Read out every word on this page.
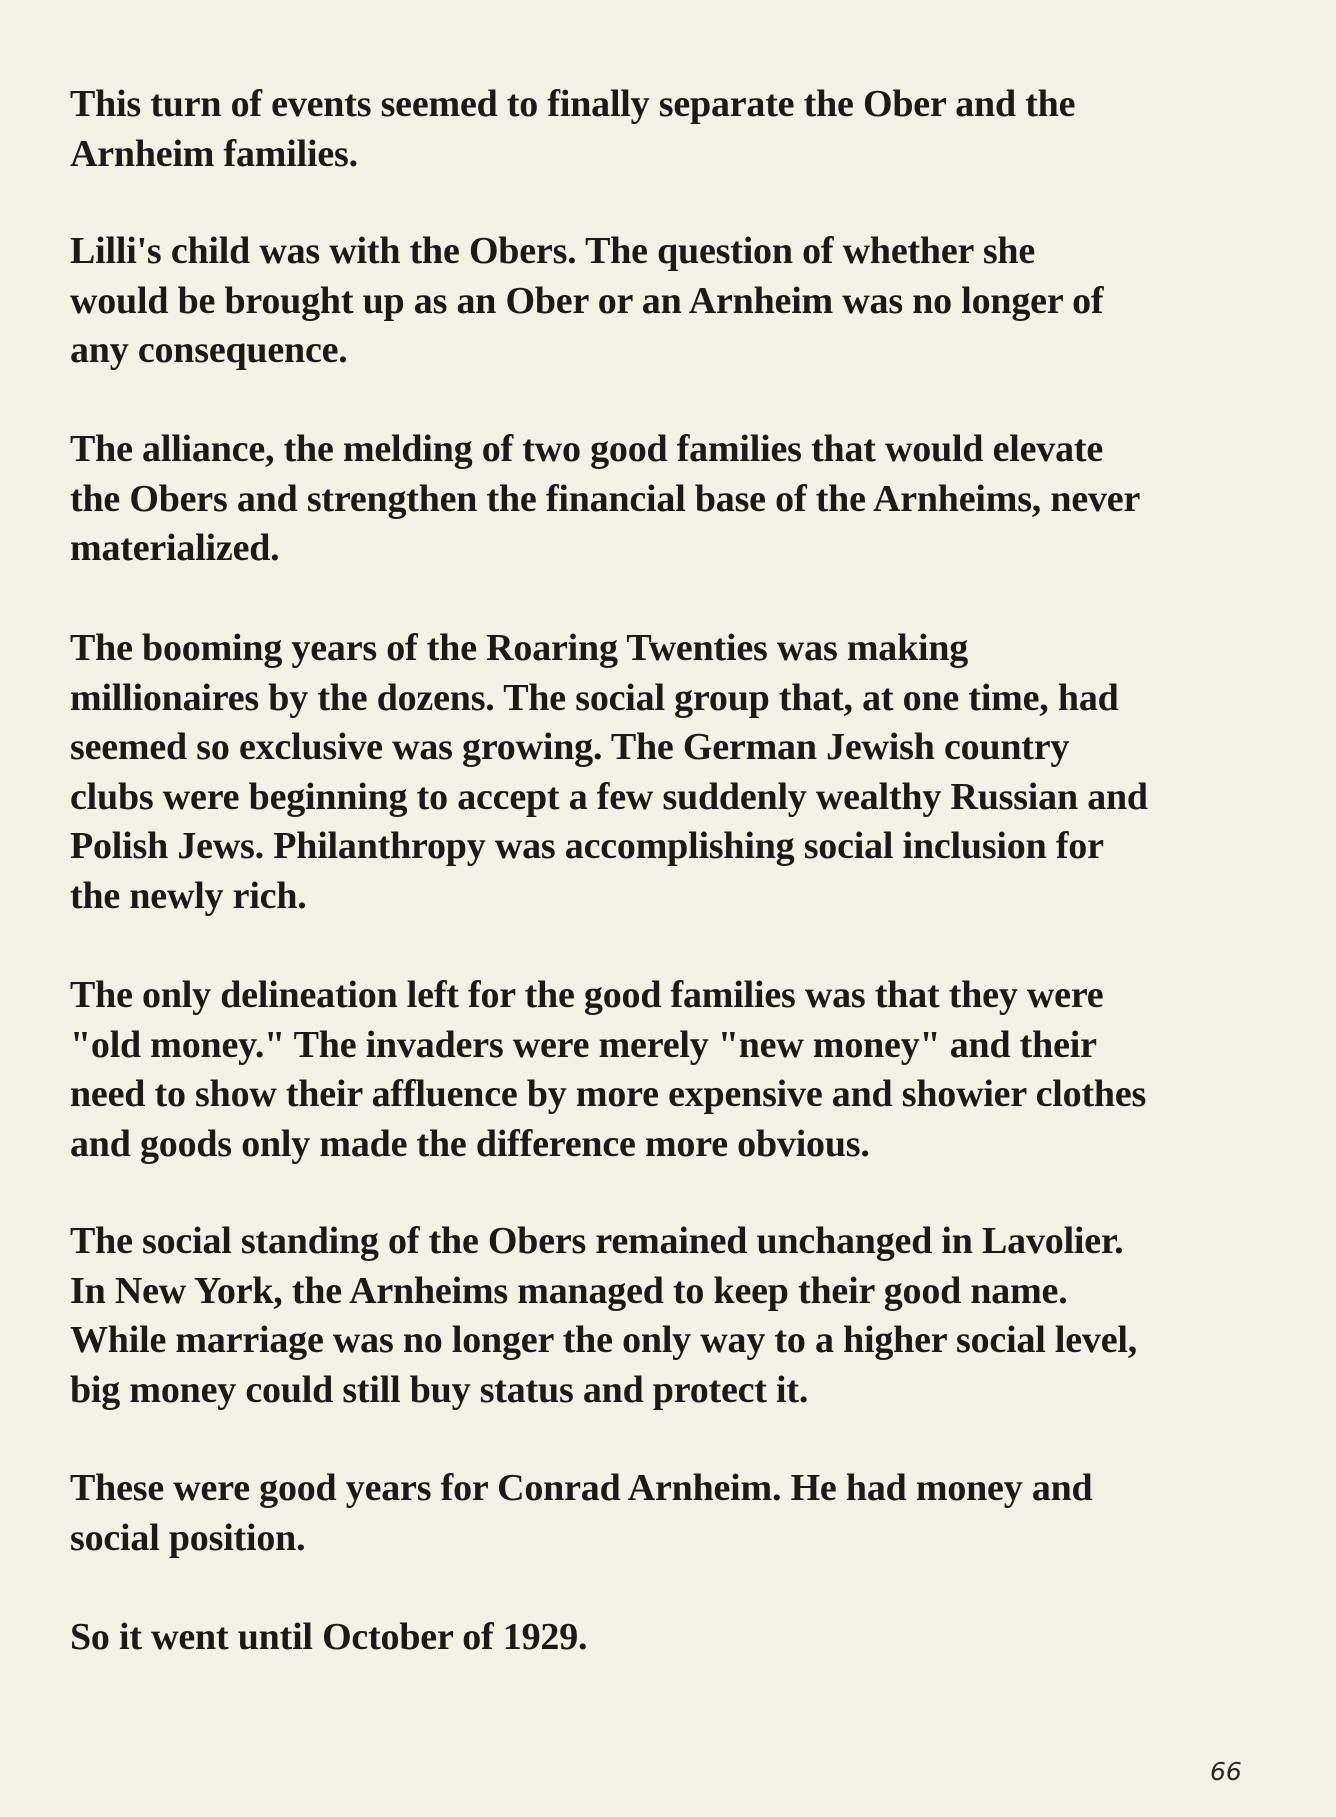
This turn of events seemed to finally separate the Ober and the
Arnheim families.

Lilli's child was with the Obers. The question of whether she
would be brought up as an Ober or an Arnheim was no longer of
any consequence.

The alliance, the melding of two good families that would elevate
the Obers and strengthen the financial base of the Arnheims, never
materialized.

The booming years of the Roaring Twenties was making
millionaires by the dozens. The social group that, at one time, had
seemed so exclusive was growing. The German Jewish country
clubs were beginning to accept a few suddenly wealthy Russian and
Polish Jews. Philanthropy was accomplishing social inclusion for
the newly rich.

The only delineation left for the good families was that they were
"old money." The invaders were merely "new money" and their
need to show their affluence by more expensive and showier clothes
and goods only made the difference more obvious.

The social standing of the Obers remained unchanged in Lavolier.
In New York, the Arnheims managed to keep their good name.
While marriage was no longer the only way to a higher social level,
big money could still buy status and protect it.

These were good years for Conrad Arnheim. He had money and
social position.

So it went until October of 1929.

66
